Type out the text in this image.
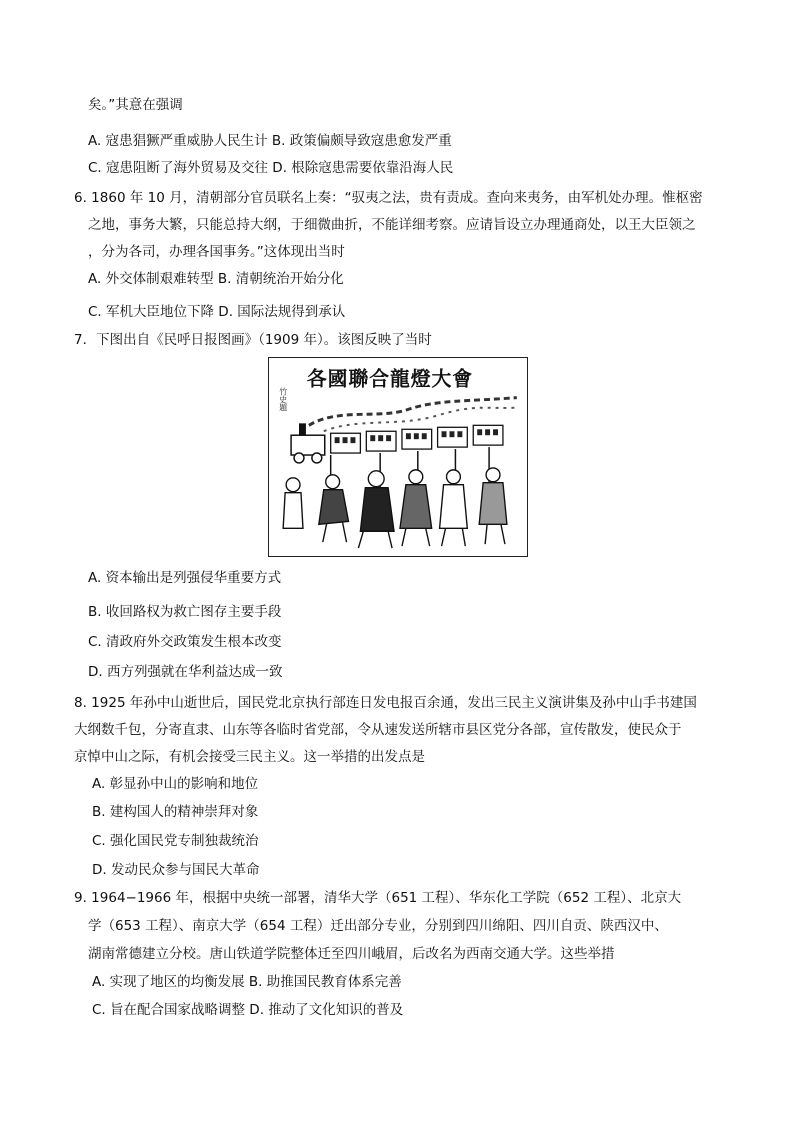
矣。”其意在强调
A. 寇患猖獗严重威胁人民生计 B. 政策偏颇导致寇患愈发严重
C. 寇患阻断了海外贸易及交往 D. 根除寇患需要依靠沿海人民
6. 1860 年 10 月，清朝部分官员联名上奏：“驭夷之法，贵有责成。查向来夷务，由军机处办理。惟枢密
之地，事务大繁，只能总持大纲，于细微曲折，不能详细考察。应请旨设立办理通商处，以王大臣领之
，分为各司，办理各国事务。”这体现出当时
A. 外交体制艰难转型 B. 清朝统治开始分化
C. 军机大臣地位下降 D. 国际法规得到承认
7．下图出自《民呼日报图画》（1909 年）。该图反映了当时
各國聯合龍燈大會
竹史題
A. 资本输出是列强侵华重要方式
B. 收回路权为救亡图存主要手段
C. 清政府外交政策发生根本改变
D. 西方列强就在华利益达成一致
8. 1925 年孙中山逝世后，国民党北京执行部连日发电报百余通，发出三民主义演讲集及孙中山手书建国
大纲数千包，分寄直隶、山东等各临时省党部，令从速发送所辖市县区党分各部，宣传散发，使民众于
京悼中山之际，有机会接受三民主义。这一举措的出发点是
A. 彰显孙中山的影响和地位
B. 建构国人的精神崇拜对象
C. 强化国民党专制独裁统治
D. 发动民众参与国民大革命
9. 1964−1966 年，根据中央统一部署，清华大学（651 工程）、华东化工学院（652 工程）、北京大
学（653 工程）、南京大学（654 工程）迁出部分专业，分别到四川绵阳、四川自贡、陕西汉中、
湖南常德建立分校。唐山铁道学院整体迁至四川峨眉，后改名为西南交通大学。这些举措
A. 实现了地区的均衡发展 B. 助推国民教育体系完善
C. 旨在配合国家战略调整 D. 推动了文化知识的普及
